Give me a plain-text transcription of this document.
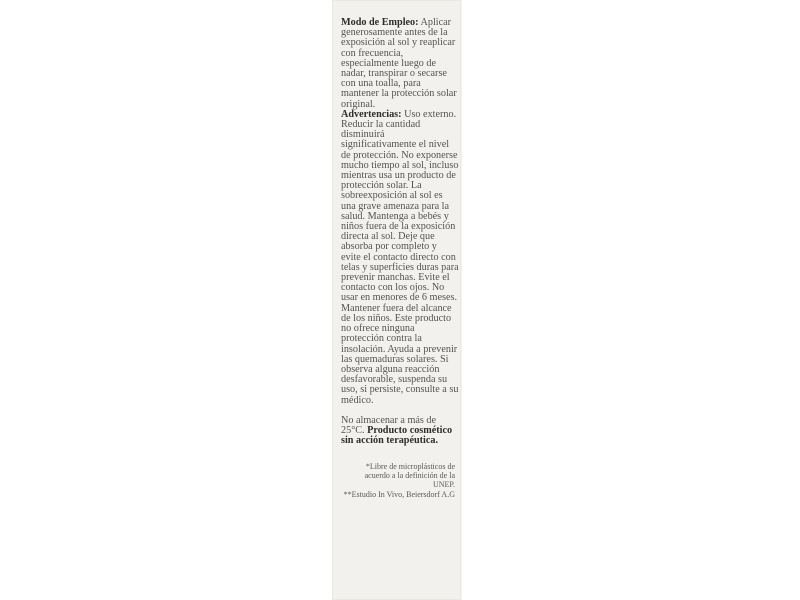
Modo de Empleo: Aplicar generosamente antes de la exposición al sol y reaplicar con frecuencia, especialmente luego de nadar, transpirar o secarse con una toalla, para mantener la protección solar original.

Advertencias: Uso externo. Reducir la cantidad disminuirá significativamente el nivel de protección. No exponerse mucho tiempo al sol, incluso mientras usa un producto de protección solar. La sobreexposición al sol es una grave amenaza para la salud. Mantenga a bebés y niños fuera de la exposición directa al sol. Deje que absorba por completo y evite el contacto directo con telas y superficies duras para prevenir manchas. Evite el contacto con los ojos. No usar en menores de 6 meses. Mantener fuera del alcance de los niños. Este producto no ofrece ninguna protección contra la insolación. Ayuda a prevenir las quemaduras solares. Si observa alguna reacción desfavorable, suspenda su uso, si persiste, consulte a su médico.

No almacenar a más de 25°C. Producto cosmético sin acción terapéutica.

*Libre de microplásticos de acuerdo a la definición de la UNEP.

**Estudio In Vivo, Beiersdorf A.G
